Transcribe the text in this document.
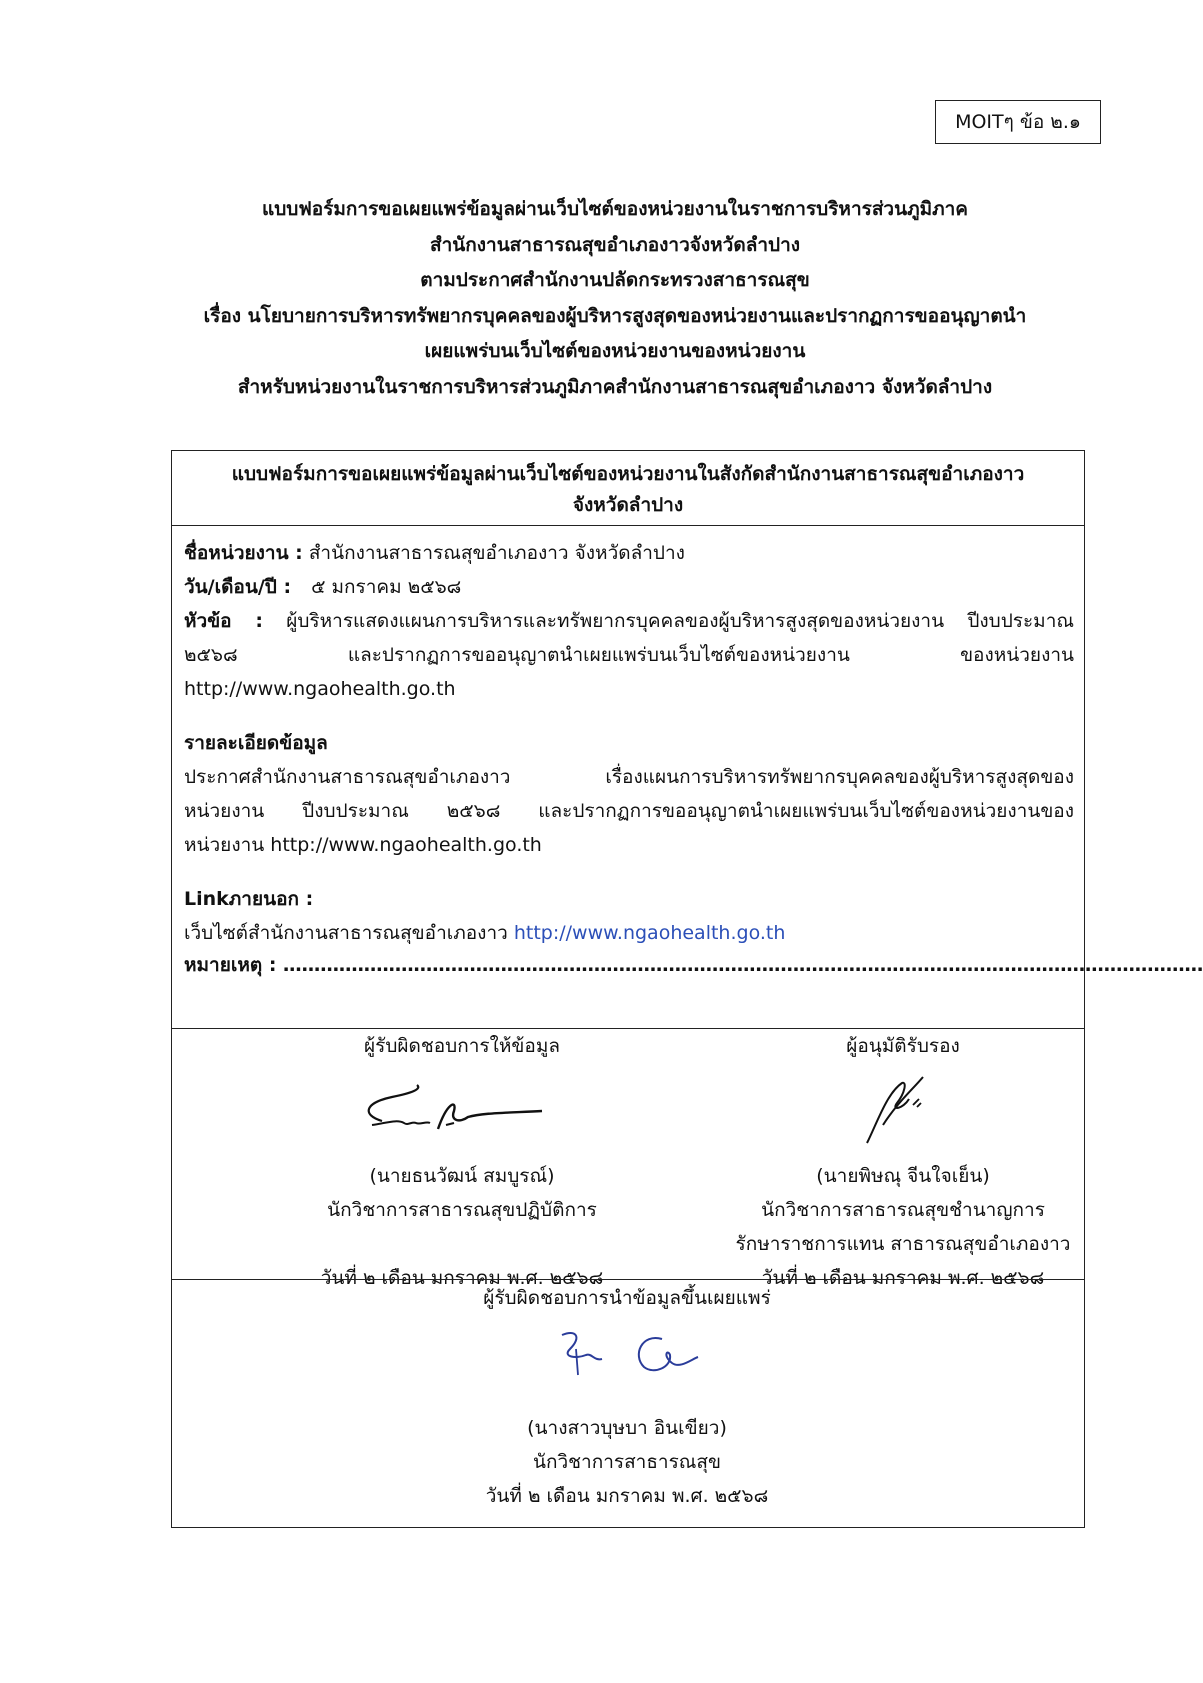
MOITๆ ข้อ ๒.๑
แบบฟอร์มการขอเผยแพร่ข้อมูลผ่านเว็บไซต์ของหน่วยงานในราชการบริหารส่วนภูมิภาค
สำนักงานสาธารณสุขอำเภองาวจังหวัดลำปาง
ตามประกาศสำนักงานปลัดกระทรวงสาธารณสุข
เรื่อง นโยบายการบริหารทรัพยากรบุคคลของผู้บริหารสูงสุดของหน่วยงานและปรากฏการขออนุญาตนำ
เผยแพร่บนเว็บไซต์ของหน่วยงานของหน่วยงาน
สำหรับหน่วยงานในราชการบริหารส่วนภูมิภาคสำนักงานสาธารณสุขอำเภองาว จังหวัดลำปาง
แบบฟอร์มการขอเผยแพร่ข้อมูลผ่านเว็บไซต์ของหน่วยงานในสังกัดสำนักงานสาธารณสุขอำเภองาว
จังหวัดลำปาง
ชื่อหน่วยงาน : สำนักงานสาธารณสุขอำเภองาว จังหวัดลำปาง
วัน/เดือน/ปี : ๕ มกราคม ๒๕๖๘
หัวข้อ : ผู้บริหารแสดงแผนการบริหารและทรัพยากรบุคคลของผู้บริหารสูงสุดของหน่วยงาน ปีงบประมาณ
๒๕๖๘ และปรากฏการขออนุญาตนำเผยแพร่บนเว็บไซต์ของหน่วยงาน ของหน่วยงาน
http://www.ngaohealth.go.th
รายละเอียดข้อมูล
ประกาศสำนักงานสาธารณสุขอำเภองาว เรื่องแผนการบริหารทรัพยากรบุคคลของผู้บริหารสูงสุดของ
หน่วยงาน ปีงบประมาณ ๒๕๖๘ และปรากฏการขออนุญาตนำเผยแพร่บนเว็บไซต์ของหน่วยงานของ
หน่วยงาน http://www.ngaohealth.go.th
Linkภายนอก :
เว็บไซต์สำนักงานสาธารณสุขอำเภองาว http://www.ngaohealth.go.th
หมายเหตุ : ....................................................................................................................................................
ผู้รับผิดชอบการให้ข้อมูล
(นายธนวัฒน์ สมบูรณ์)
นักวิชาการสาธารณสุขปฏิบัติการ
วันที่ ๒ เดือน มกราคม พ.ศ. ๒๕๖๘
ผู้อนุมัติรับรอง
(นายพิษณุ จีนใจเย็น)
นักวิชาการสาธารณสุขชำนาญการ
รักษาราชการแทน สาธารณสุขอำเภองาว
วันที่ ๒ เดือน มกราคม พ.ศ. ๒๕๖๘
ผู้รับผิดชอบการนำข้อมูลขึ้นเผยแพร่
(นางสาวบุษบา อินเขียว)
นักวิชาการสาธารณสุข
วันที่ ๒ เดือน มกราคม พ.ศ. ๒๕๖๘
